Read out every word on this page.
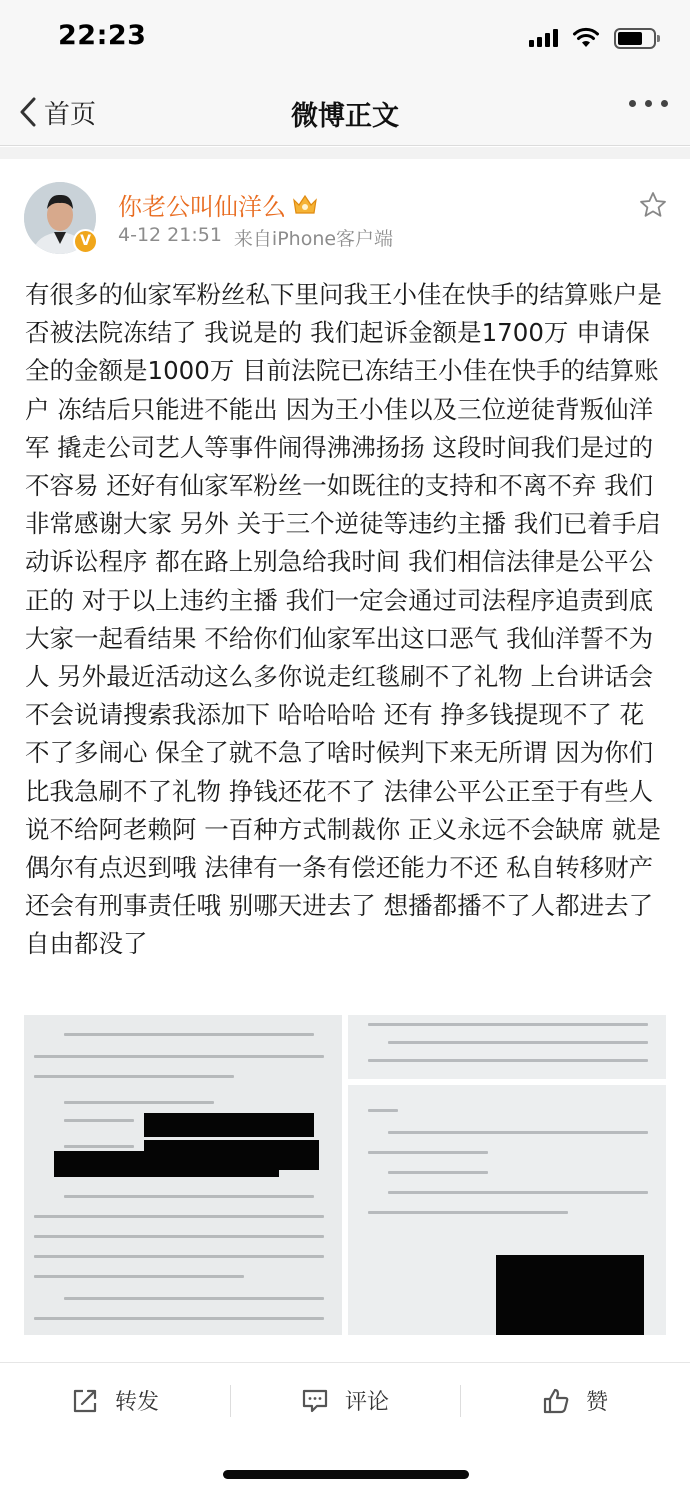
22:23
首页	微博正文
V
你老公叫仙洋么
4-12 21:51 来自iPhone客户端
有很多的仙家军粉丝私下里问我王小佳在快手的结算账户是否被法院冻结了 我说是的 我们起诉金额是1700万 申请保全的金额是1000万 目前法院已冻结王小佳在快手的结算账户 冻结后只能进不能出 因为王小佳以及三位逆徒背叛仙洋军 撬走公司艺人等事件闹得沸沸扬扬 这段时间我们是过的不容易 还好有仙家军粉丝一如既往的支持和不离不弃 我们非常感谢大家 另外 关于三个逆徒等违约主播 我们已着手启动诉讼程序 都在路上别急给我时间 我们相信法律是公平公正的 对于以上违约主播 我们一定会通过司法程序追责到底 大家一起看结果 不给你们仙家军出这口恶气 我仙洋誓不为人 另外最近活动这么多你说走红毯刷不了礼物 上台讲话会不会说请搜索我添加下 哈哈哈哈 还有 挣多钱提现不了 花不了多闹心 保全了就不急了啥时候判下来无所谓 因为你们比我急刷不了礼物 挣钱还花不了 法律公平公正至于有些人说不给阿老赖阿 一百种方式制裁你 正义永远不会缺席 就是偶尔有点迟到哦 法律有一条有偿还能力不还 私自转移财产还会有刑事责任哦 别哪天进去了 想播都播不了人都进去了 自由都没了
转发	评论	赞
